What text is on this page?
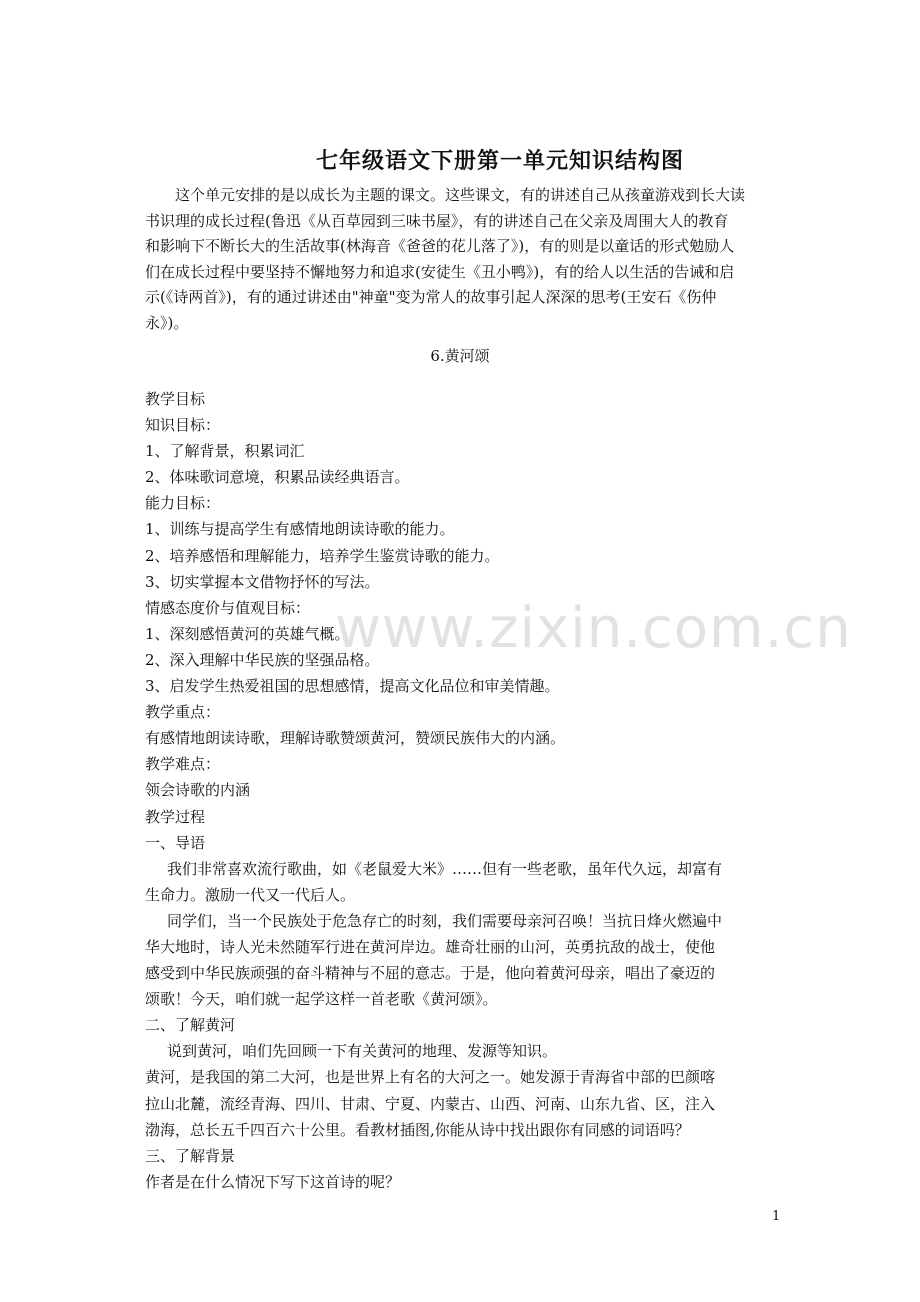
www.zixin.com.cn
七年级语文下册第一单元知识结构图
　　这个单元安排的是以成长为主题的课文。这些课文，有的讲述自己从孩童游戏到长大读
书识理的成长过程(鲁迅《从百草园到三味书屋》，有的讲述自己在父亲及周围大人的教育
和影响下不断长大的生活故事(林海音《爸爸的花儿落了》)，有的则是以童话的形式勉励人
们在成长过程中要坚持不懈地努力和追求(安徒生《丑小鸭》)，有的给人以生活的告诫和启
示(《诗两首》)，有的通过讲述由"神童"变为常人的故事引起人深深的思考(王安石《伤仲
永》)。
6.黄河颂
教学目标
知识目标：
1、了解背景，积累词汇
2、体味歌词意境，积累品读经典语言。
能力目标：
1、训练与提高学生有感情地朗读诗歌的能力。
2、培养感悟和理解能力，培养学生鉴赏诗歌的能力。
3、切实掌握本文借物抒怀的写法。
情感态度价与值观目标：
1、深刻感悟黄河的英雄气概。
2、深入理解中华民族的坚强品格。
3、启发学生热爱祖国的思想感情，提高文化品位和审美情趣。
教学重点：
有感情地朗读诗歌，理解诗歌赞颂黄河，赞颂民族伟大的内涵。
教学难点：
领会诗歌的内涵
教学过程
一、导语
我们非常喜欢流行歌曲，如《老鼠爱大米》……但有一些老歌，虽年代久远，却富有
生命力。激励一代又一代后人。
同学们，当一个民族处于危急存亡的时刻，我们需要母亲河召唤！当抗日烽火燃遍中
华大地时，诗人光未然随军行进在黄河岸边。雄奇壮丽的山河，英勇抗敌的战士，使他
感受到中华民族顽强的奋斗精神与不屈的意志。于是，他向着黄河母亲，唱出了豪迈的
颂歌！今天，咱们就一起学这样一首老歌《黄河颂》。
二、了解黄河
说到黄河，咱们先回顾一下有关黄河的地理、发源等知识。
黄河，是我国的第二大河，也是世界上有名的大河之一。她发源于青海省中部的巴颜喀
拉山北麓，流经青海、四川、甘肃、宁夏、内蒙古、山西、河南、山东九省、区，注入
渤海，总长五千四百六十公里。看教材插图,你能从诗中找出跟你有同感的词语吗？
三、了解背景
作者是在什么情况下写下这首诗的呢？
1
